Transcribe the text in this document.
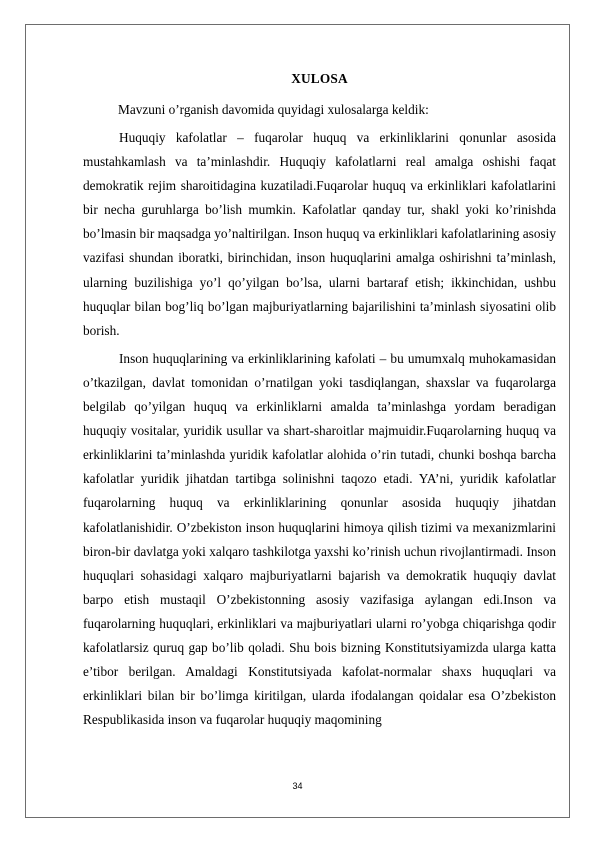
XULOSA
Mavzuni o’rganish davomida quyidagi xulosalarga keldik:

Huquqiy kafolatlar – fuqarolar huquq va erkinliklarini qonunlar asosida mustahkamlash va ta’minlashdir. Huquqiy kafolatlarni real amalga oshishi faqat demokratik rejim sharoitidagina kuzatiladi.Fuqarolar huquq va erkinliklari kafolatlarini bir necha guruhlarga bo’lish mumkin. Kafolatlar qanday tur, shakl yoki ko’rinishda bo’lmasin bir maqsadga yo’naltirilgan. Inson huquq va erkinliklari kafolatlarining asosiy vazifasi shundan iboratki, birinchidan, inson huquqlarini amalga oshirishni ta’minlash, ularning buzilishiga yo’l qo’yilgan bo’lsa, ularni bartaraf etish; ikkinchidan, ushbu huquqlar bilan bog’liq bo’lgan majburiyatlarning bajarilishini ta’minlash siyosatini olib borish.

Inson huquqlarining va erkinliklarining kafolati – bu umumxalq muhokamasidan o’tkazilgan, davlat tomonidan o’rnatilgan yoki tasdiqlangan, shaxslar va fuqarolarga belgilab qo’yilgan huquq va erkinliklarni amalda ta’minlashga yordam beradigan huquqiy vositalar, yuridik usullar va shart-sharoitlar majmuidir.Fuqarolarning huquq va erkinliklarini ta’minlashda yuridik kafolatlar alohida o’rin tutadi, chunki boshqa barcha kafolatlar yuridik jihatdan tartibga solinishni taqozo etadi. YA’ni, yuridik kafolatlar fuqarolarning huquq va erkinliklarining qonunlar asosida huquqiy jihatdan kafolatlanishidir. O’zbekiston inson huquqlarini himoya qilish tizimi va mexanizmlarini biron-bir davlatga yoki xalqaro tashkilotga yaxshi ko’rinish uchun rivojlantirmadi. Inson huquqlari sohasidagi xalqaro majburiyatlarni bajarish va demokratik huquqiy davlat barpo etish mustaqil O’zbekistonning asosiy vazifasiga aylangan edi.Inson va fuqarolarning huquqlari, erkinliklari va majburiyatlari ularni ro’yobga chiqarishga qodir kafolatlarsiz quruq gap bo’lib qoladi. Shu bois bizning Konstitutsiyamizda ularga katta e’tibor berilgan. Amaldagi Konstitutsiyada kafolat-normalar shaxs huquqlari va erkinliklari bilan bir bo’limga kiritilgan, ularda ifodalangan qoidalar esa O’zbekiston Respublikasida inson va fuqarolar huquqiy maqomining

34
